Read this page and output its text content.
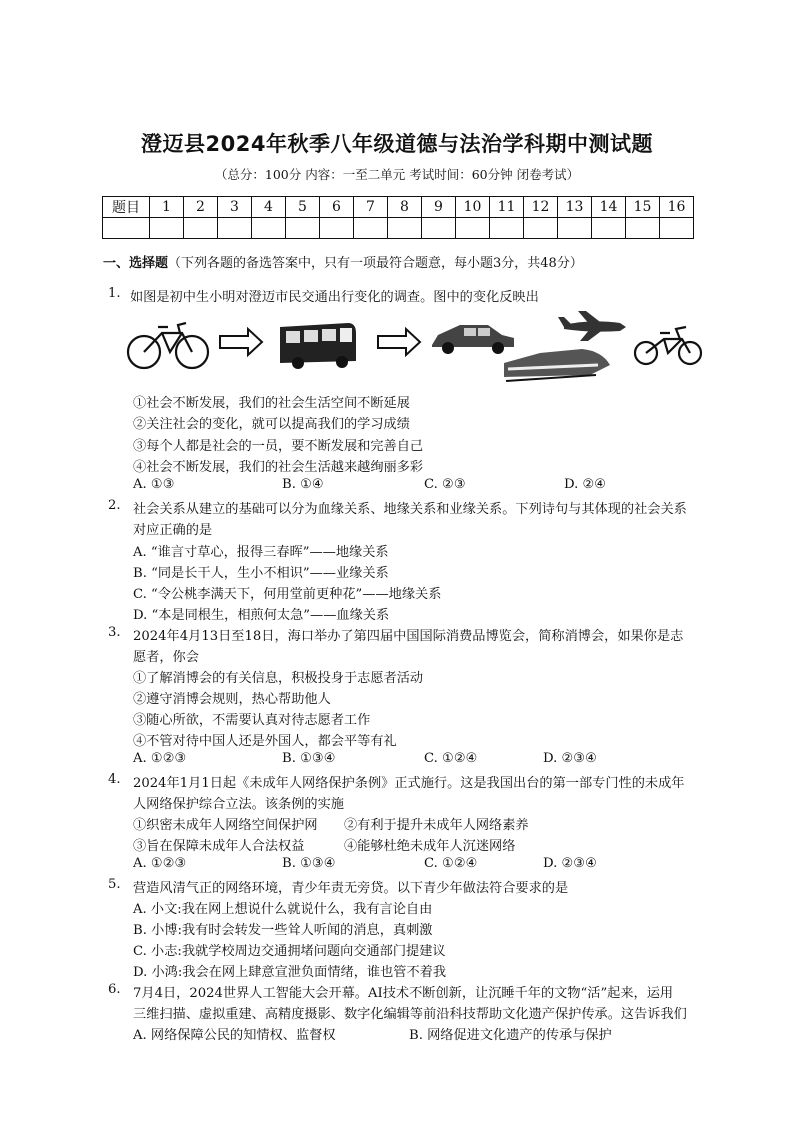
澄迈县2024年秋季八年级道德与法治学科期中测试题
（总分：100分 内容：一至二单元 考试时间：60分钟 闭卷考试）
题目	1	2	3	4	5	6	7	8	9	10	11	12	13	14	15	16

一、选择题（下列各题的备选答案中，只有一项最符合题意，每小题3分，共48分）
1. 如图是初中生小明对澄迈市民交通出行变化的调查。图中的变化反映出
①社会不断发展，我们的社会生活空间不断延展
②关注社会的变化，就可以提高我们的学习成绩
③每个人都是社会的一员，要不断发展和完善自己
④社会不断发展，我们的社会生活越来越绚丽多彩
A. ①③	B. ①④	C. ②③	D. ②④
2. 社会关系从建立的基础可以分为血缘关系、地缘关系和业缘关系。下列诗句与其体现的社会关系
对应正确的是
A. “谁言寸草心，报得三春晖”——地缘关系
B. “同是长干人，生小不相识”——业缘关系
C. “令公桃李满天下，何用堂前更种花”——地缘关系
D. “本是同根生，相煎何太急”——血缘关系
3. 2024年4月13日至18日，海口举办了第四届中国国际消费品博览会，简称消博会，如果你是志
愿者，你会
①了解消博会的有关信息，积极投身于志愿者活动
②遵守消博会规则，热心帮助他人
③随心所欲，不需要认真对待志愿者工作
④不管对待中国人还是外国人，都会平等有礼
A. ①②③	B. ①③④	C. ①②④	D. ②③④
4. 2024年1月1日起《未成年人网络保护条例》正式施行。这是我国出台的第一部专门性的未成年
人网络保护综合立法。该条例的实施
①织密未成年人网络空间保护网 ②有利于提升未成年人网络素养
③旨在保障未成年人合法权益	④能够杜绝未成年人沉迷网络
A. ①②③	B. ①③④	C. ①②④	D. ②③④
5. 营造风清气正的网络环境，青少年责无旁贷。以下青少年做法符合要求的是
A. 小文:我在网上想说什么就说什么，我有言论自由
B. 小博:我有时会转发一些耸人听闻的消息，真刺激
C. 小志:我就学校周边交通拥堵问题向交通部门提建议
D. 小鸿:我会在网上肆意宣泄负面情绪，谁也管不着我
6. 7月4日，2024世界人工智能大会开幕。AI技术不断创新，让沉睡千年的文物“活”起来，运用
三维扫描、虚拟重建、高精度摄影、数字化编辑等前沿科技帮助文化遗产保护传承。这告诉我们
A. 网络保障公民的知情权、监督权	B. 网络促进文化遗产的传承与保护
